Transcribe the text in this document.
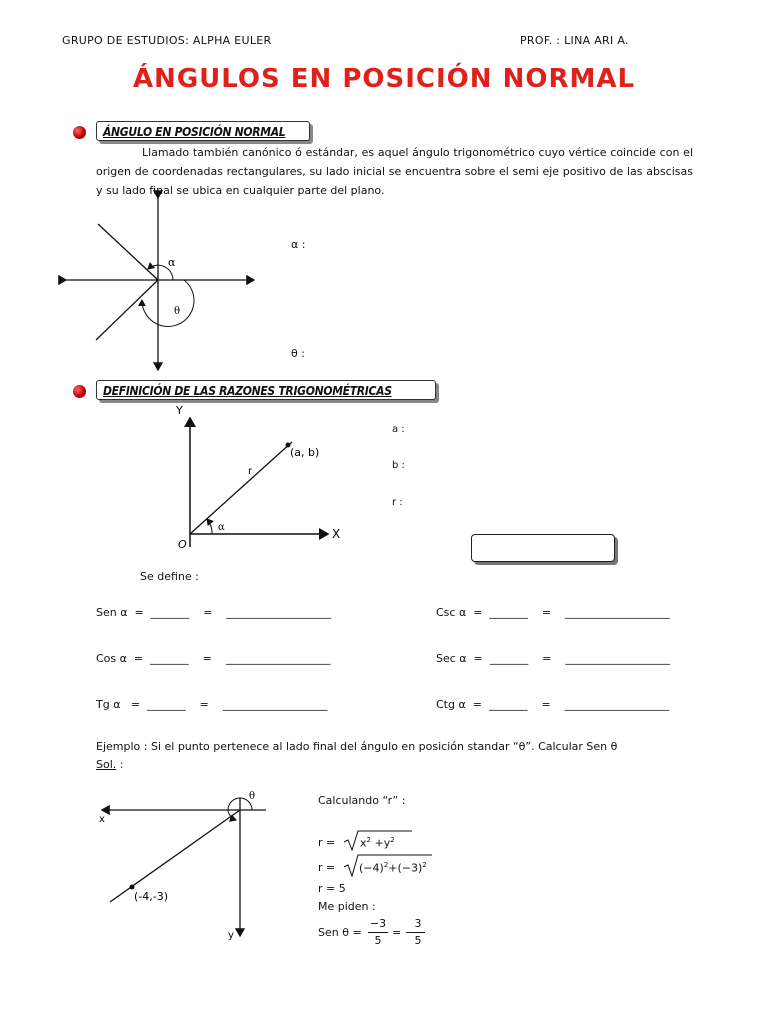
GRUPO DE ESTUDIOS: ALPHA EULER	PROF. : LINA ARI A.
ÁNGULOS EN POSICIÓN NORMAL
ÁNGULO EN POSICIÓN NORMAL
Llamado también canónico ó estándar, es aquel ángulo trigonométrico cuyo vértice coincide con el origen de coordenadas rectangulares, su lado inicial se encuentra sobre el semi eje positivo de las abscisas y su lado final se ubica en cualquier parte del plano.
α
θ
α :
θ :
DEFINICIÓN DE LAS RAZONES TRIGONOMÉTRICAS
Y
X
O
(a, b)
r
α
a :
b :
r :
Se define :
Sen α  = _______ = ___________________	Csc α  = _______ = ___________________
Cos α  = _______ = ___________________	Sec α  = _______ = ___________________
Tg α   = _______ = ___________________	Ctg α  = _______ = ___________________
Ejemplo : Si el punto pertenece al lado final del ángulo en posición standar “θ”. Calcular Sen θ
Sol. :
x
y
θ
(-4,-3)
Calculando “r” :
$r = x^2 +y^2$
$r = (-4)^2+(-3)^2$
r = 5
Me piden :
Sen θ =
−3
5
= −
3
5
